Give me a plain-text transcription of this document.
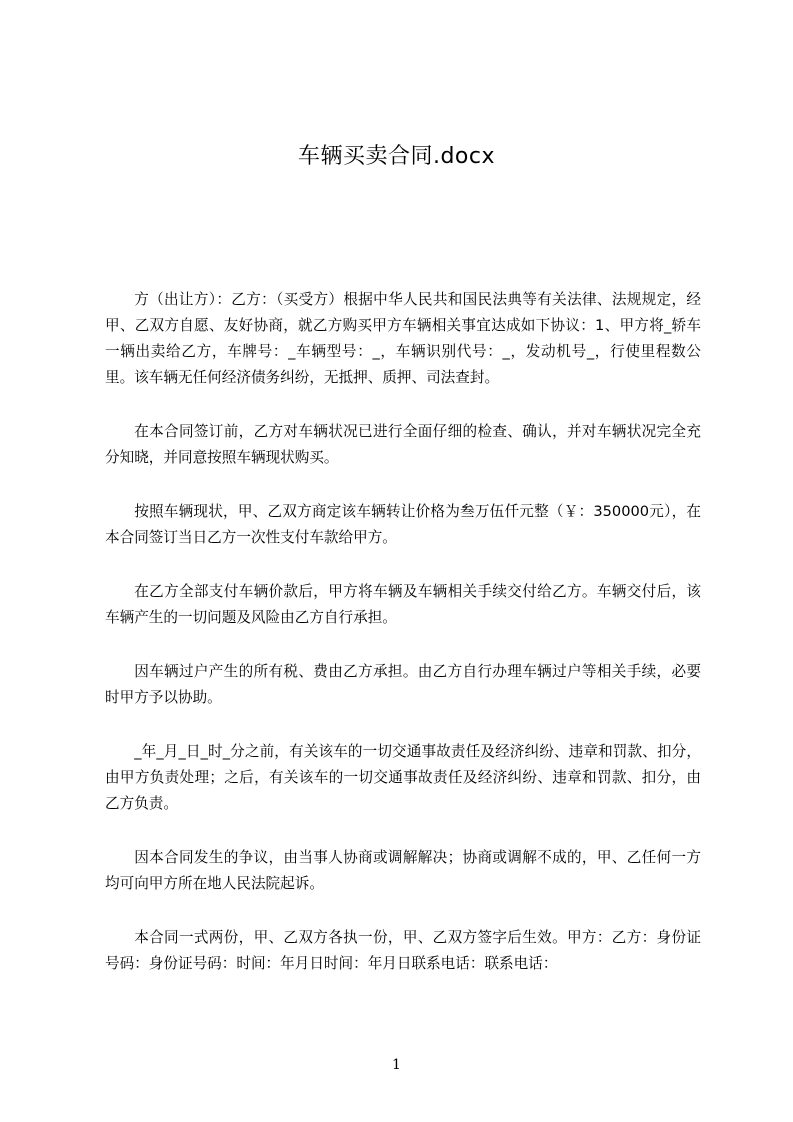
车辆买卖合同.docx

方（出让方）：乙方：（买受方）根据中华人民共和国民法典等有关法律、法规规定，经甲、乙双方自愿、友好协商，就乙方购买甲方车辆相关事宜达成如下协议：1、甲方将_轿车一辆出卖给乙方，车牌号：_车辆型号：_，车辆识别代号：_，发动机号_，行使里程数公里。该车辆无任何经济债务纠纷，无抵押、质押、司法查封。

在本合同签订前，乙方对车辆状况已进行全面仔细的检查、确认，并对车辆状况完全充分知晓，并同意按照车辆现状购买。

按照车辆现状，甲、乙双方商定该车辆转让价格为叁万伍仟元整（￥：350000元），在本合同签订当日乙方一次性支付车款给甲方。

在乙方全部支付车辆价款后，甲方将车辆及车辆相关手续交付给乙方。车辆交付后，该车辆产生的一切问题及风险由乙方自行承担。

因车辆过户产生的所有税、费由乙方承担。由乙方自行办理车辆过户等相关手续，必要时甲方予以协助。

_年_月_日_时_分之前，有关该车的一切交通事故责任及经济纠纷、违章和罚款、扣分，由甲方负责处理；之后，有关该车的一切交通事故责任及经济纠纷、违章和罚款、扣分，由乙方负责。

因本合同发生的争议，由当事人协商或调解解决；协商或调解不成的，甲、乙任何一方均可向甲方所在地人民法院起诉。

本合同一式两份，甲、乙双方各执一份，甲、乙双方签字后生效。甲方：乙方：身份证号码：身份证号码：时间：年月日时间：年月日联系电话：联系电话：

1
